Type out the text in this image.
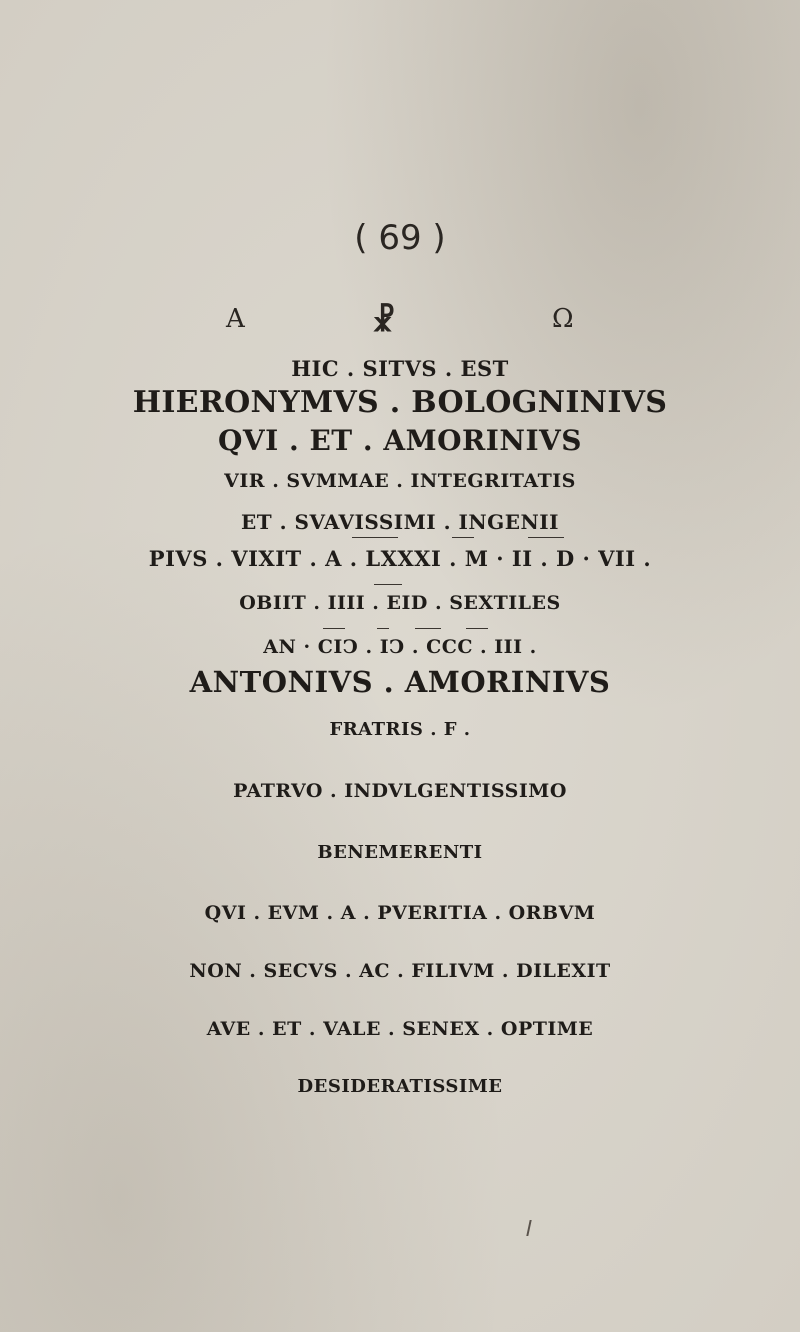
( 69 )
A	☧	Ω
HIC . SITVS . EST
HIERONYMVS . BOLOGNINIVS
QVI . ET . AMORINIVS
VIR . SVMMAE . INTEGRITATIS
ET . SVAVISSIMI . INGENII
PIVS . VIXIT . A . LXXXI . M · II . D · VII .
OBIIT . IIII . EID . SEXTILES
AN · CIↃ . IↃ . CCC . III .
ANTONIVS . AMORINIVS
FRATRIS . F .
PATRVO . INDVLGENTISSIMO
BENEMERENTI
QVI . EVM . A . PVERITIA . ORBVM
NON . SECVS . AC . FILIVM . DILEXIT
AVE . ET . VALE . SENEX . OPTIME
DESIDERATISSIME
